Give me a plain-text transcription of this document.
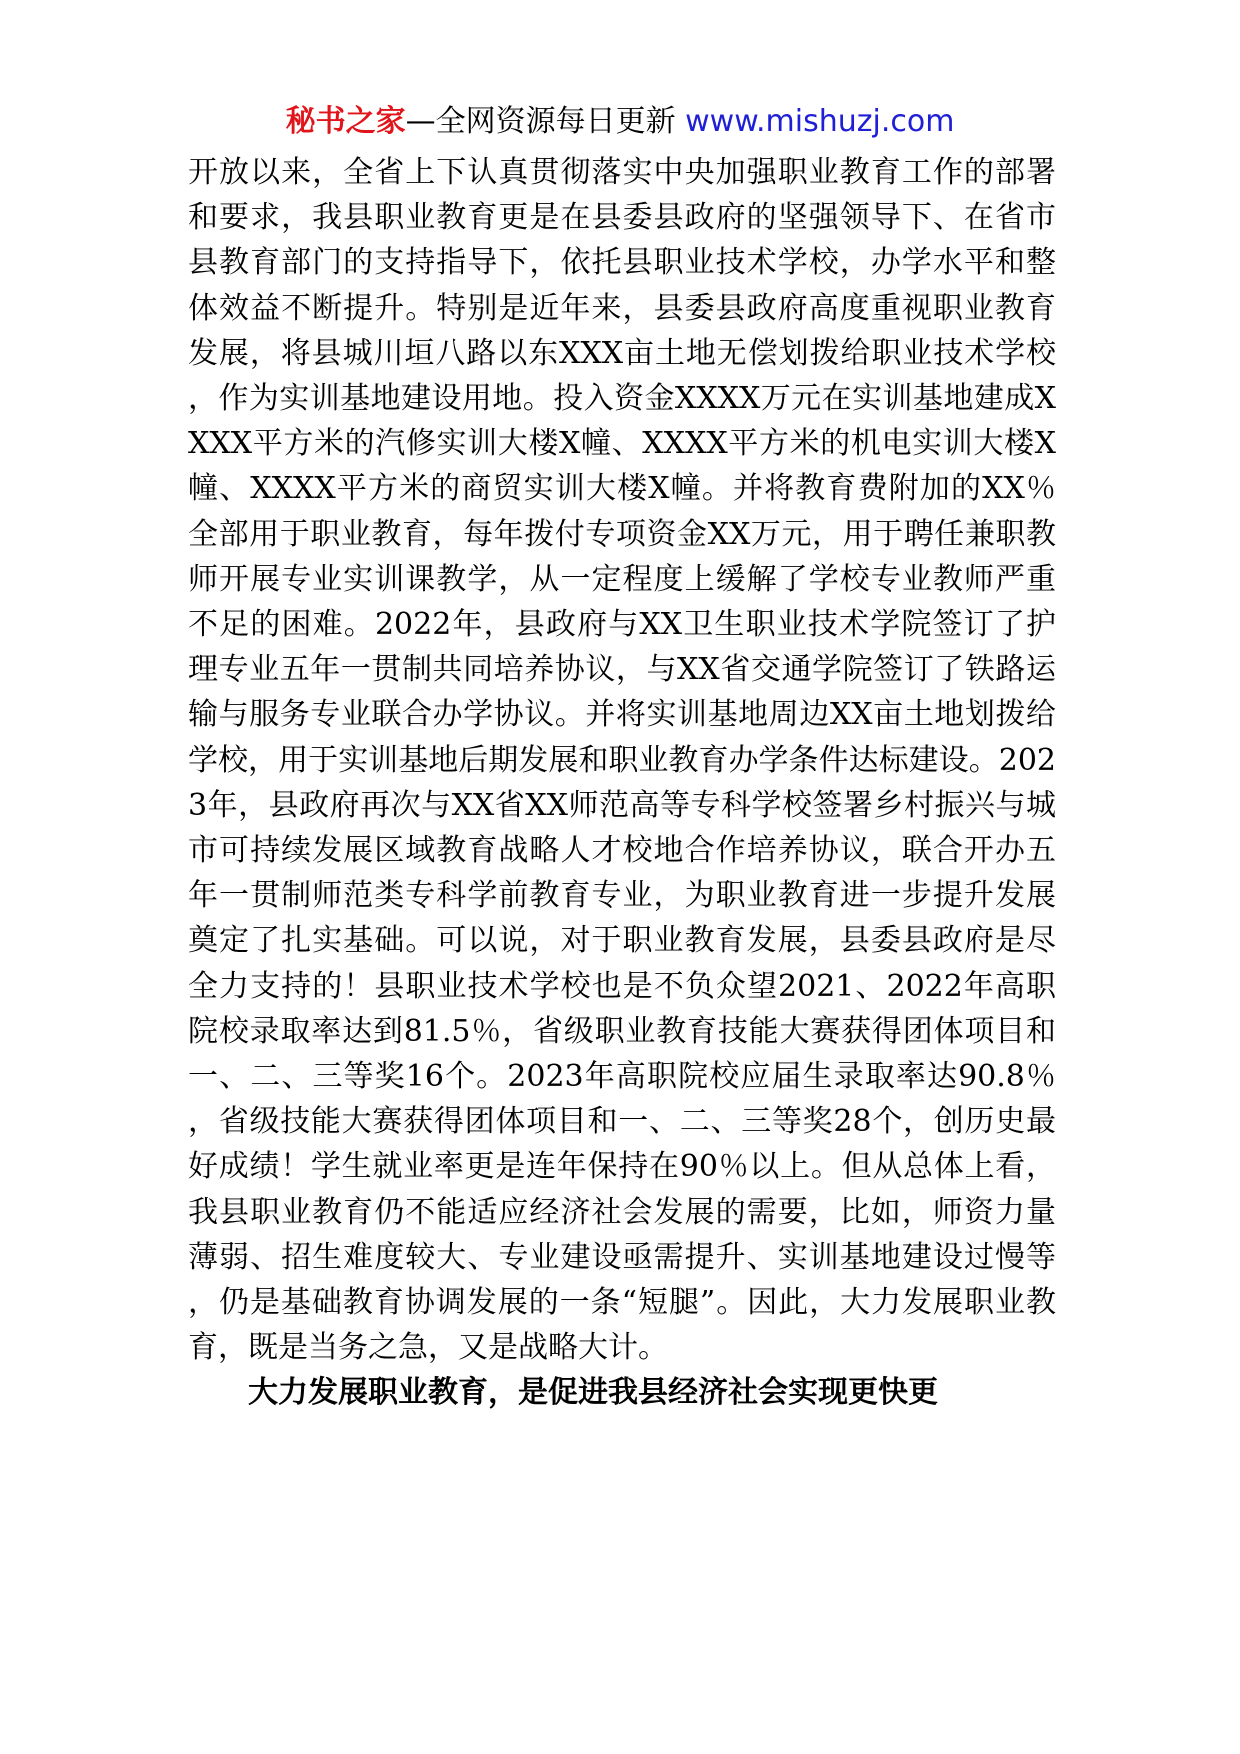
秘书之家—全网资源每日更新 www.mishuzj.com

开放以来，全省上下认真贯彻落实中央加强职业教育工作的部署和要求，我县职业教育更是在县委县政府的坚强领导下、在省市县教育部门的支持指导下，依托县职业技术学校，办学水平和整体效益不断提升。特别是近年来，县委县政府高度重视职业教育发展，将县城川垣八路以东XXX亩土地无偿划拨给职业技术学校，作为实训基地建设用地。投入资金XXXX万元在实训基地建成XXXX平方米的汽修实训大楼X幢、XXXX平方米的机电实训大楼X幢、XXXX平方米的商贸实训大楼X幢。并将教育费附加的XX％全部用于职业教育，每年拨付专项资金XX万元，用于聘任兼职教师开展专业实训课教学，从一定程度上缓解了学校专业教师严重不足的困难。2022年，县政府与XX卫生职业技术学院签订了护理专业五年一贯制共同培养协议，与XX省交通学院签订了铁路运输与服务专业联合办学协议。并将实训基地周边XX亩土地划拨给学校，用于实训基地后期发展和职业教育办学条件达标建设。2023年，县政府再次与XX省XX师范高等专科学校签署乡村振兴与城市可持续发展区域教育战略人才校地合作培养协议，联合开办五年一贯制师范类专科学前教育专业，为职业教育进一步提升发展奠定了扎实基础。可以说，对于职业教育发展，县委县政府是尽全力支持的！县职业技术学校也是不负众望2021、2022年高职院校录取率达到81.5％，省级职业教育技能大赛获得团体项目和一、二、三等奖16个。2023年高职院校应届生录取率达90.8％，省级技能大赛获得团体项目和一、二、三等奖28个，创历史最好成绩！学生就业率更是连年保持在90％以上。但从总体上看，我县职业教育仍不能适应经济社会发展的需要，比如，师资力量薄弱、招生难度较大、专业建设亟需提升、实训基地建设过慢等，仍是基础教育协调发展的一条“短腿”。因此，大力发展职业教育，既是当务之急，又是战略大计。

大力发展职业教育，是促进我县经济社会实现更快更
